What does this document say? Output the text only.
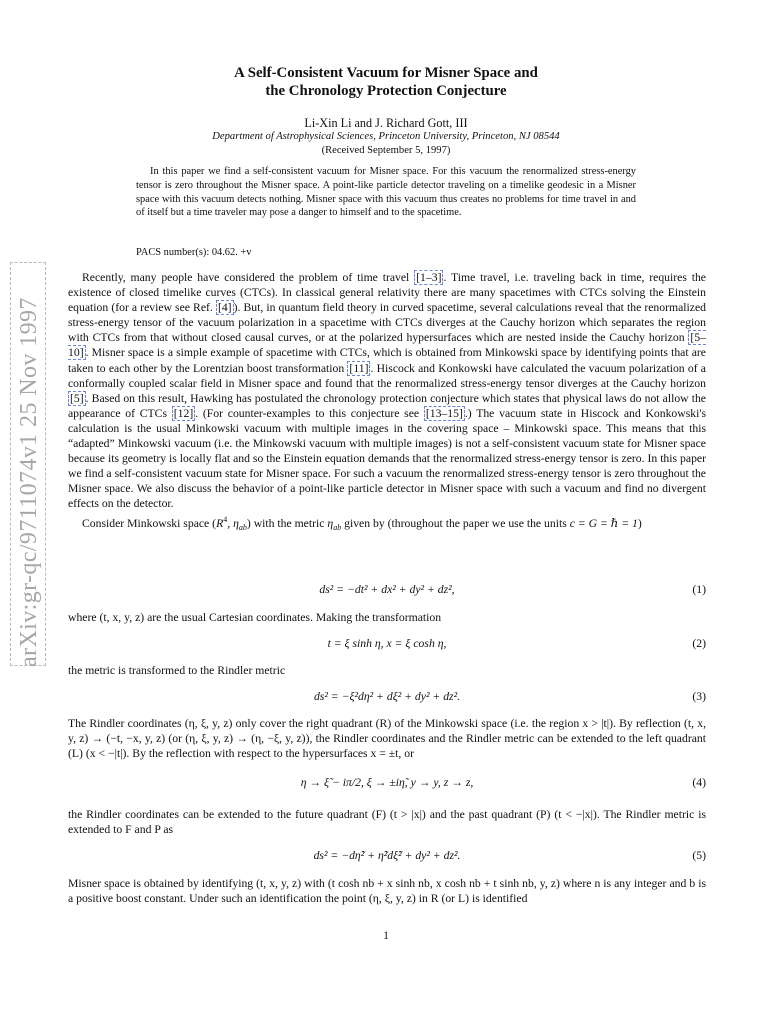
arXiv:gr-qc/9711074v1 25 Nov 1997
A Self-Consistent Vacuum for Misner Space and
the Chronology Protection Conjecture
Li-Xin Li and J. Richard Gott, III
Department of Astrophysical Sciences, Princeton University, Princeton, NJ 08544
(Received September 5, 1997)

In this paper we find a self-consistent vacuum for Misner space. For this vacuum the renormalized stress-energy tensor is zero throughout the Misner space. A point-like particle detector traveling on a timelike geodesic in a Misner space with this vacuum detects nothing. Misner space with this vacuum thus creates no problems for time travel in and of itself but a time traveler may pose a danger to himself and to the spacetime.

PACS number(s): 04.62. +v

Recently, many people have considered the problem of time travel [1–3] . Time travel, i.e. traveling back in time, requires the existence of closed timelike curves (CTCs). In classical general relativity there are many spacetimes with CTCs solving the Einstein equation (for a review see Ref. [4] ). But, in quantum field theory in curved spacetime, several calculations reveal that the renormalized stress-energy tensor of the vacuum polarization in a spacetime with CTCs diverges at the Cauchy horizon which separates the region with CTCs from that without closed causal curves, or at the polarized hypersurfaces which are nested inside the Cauchy horizon [5–10] . Misner space is a simple example of spacetime with CTCs, which is obtained from Minkowski space by identifying points that are taken to each other by the Lorentzian boost transformation [11] . Hiscock and Konkowski have calculated the vacuum polarization of a conformally coupled scalar field in Misner space and found that the renormalized stress-energy tensor diverges at the Cauchy horizon [5] . Based on this result, Hawking has postulated the chronology protection conjecture which states that physical laws do not allow the appearance of CTCs [12] . (For counter-examples to this conjecture see [13–15] .) The vacuum state in Hiscock and Konkowski's calculation is the usual Minkowski vacuum with multiple images in the covering space – Minkowski space. This means that this “adapted” Minkowski vacuum (i.e. the Minkowski vacuum with multiple images) is not a self-consistent vacuum state for Misner space because its geometry is locally flat and so the Einstein equation demands that the renormalized stress-energy tensor is zero. In this paper we find a self-consistent vacuum state for Misner space. For such a vacuum the renormalized stress-energy tensor is zero throughout the Misner space. We also discuss the behavior of a point-like particle detector in Misner space with such a vacuum and find no divergent effects on the detector.

Consider Minkowski space ($R^4$, $\eta_{ab}$) with the metric $\eta_{ab}$ given by (throughout the paper we use the units c = G = ℏ = 1)

ds² = −dt² + dx² + dy² + dz²,	(1)

where (t, x, y, z) are the usual Cartesian coordinates. Making the transformation

t = ξ sinh η, x = ξ cosh η,	(2)

the metric is transformed to the Rindler metric

ds² = −ξ²dη² + dξ² + dy² + dz².	(3)

The Rindler coordinates (η, ξ, y, z) only cover the right quadrant (R) of the Minkowski space (i.e. the region x > |t|). By reflection (t, x, y, z) → (−t, −x, y, z) (or (η, ξ, y, z) → (η, −ξ, y, z)), the Rindler coordinates and the Rindler metric can be extended to the left quadrant (L) (x < −|t|). By the reflection with respect to the hypersurfaces x = ±t, or

η → ξ̃ − iπ/2, ξ → ±iη̃, y → y, z → z,	(4)

the Rindler coordinates can be extended to the future quadrant (F) (t > |x|) and the past quadrant (P) (t < −|x|). The Rindler metric is extended to F and P as

ds² = −dη̃² + η̃²dξ̃² + dy² + dz².	(5)

Misner space is obtained by identifying (t, x, y, z) with (t cosh nb + x sinh nb, x cosh nb + t sinh nb, y, z) where n is any integer and b is a positive boost constant. Under such an identification the point (η, ξ, y, z) in R (or L) is identified

1
